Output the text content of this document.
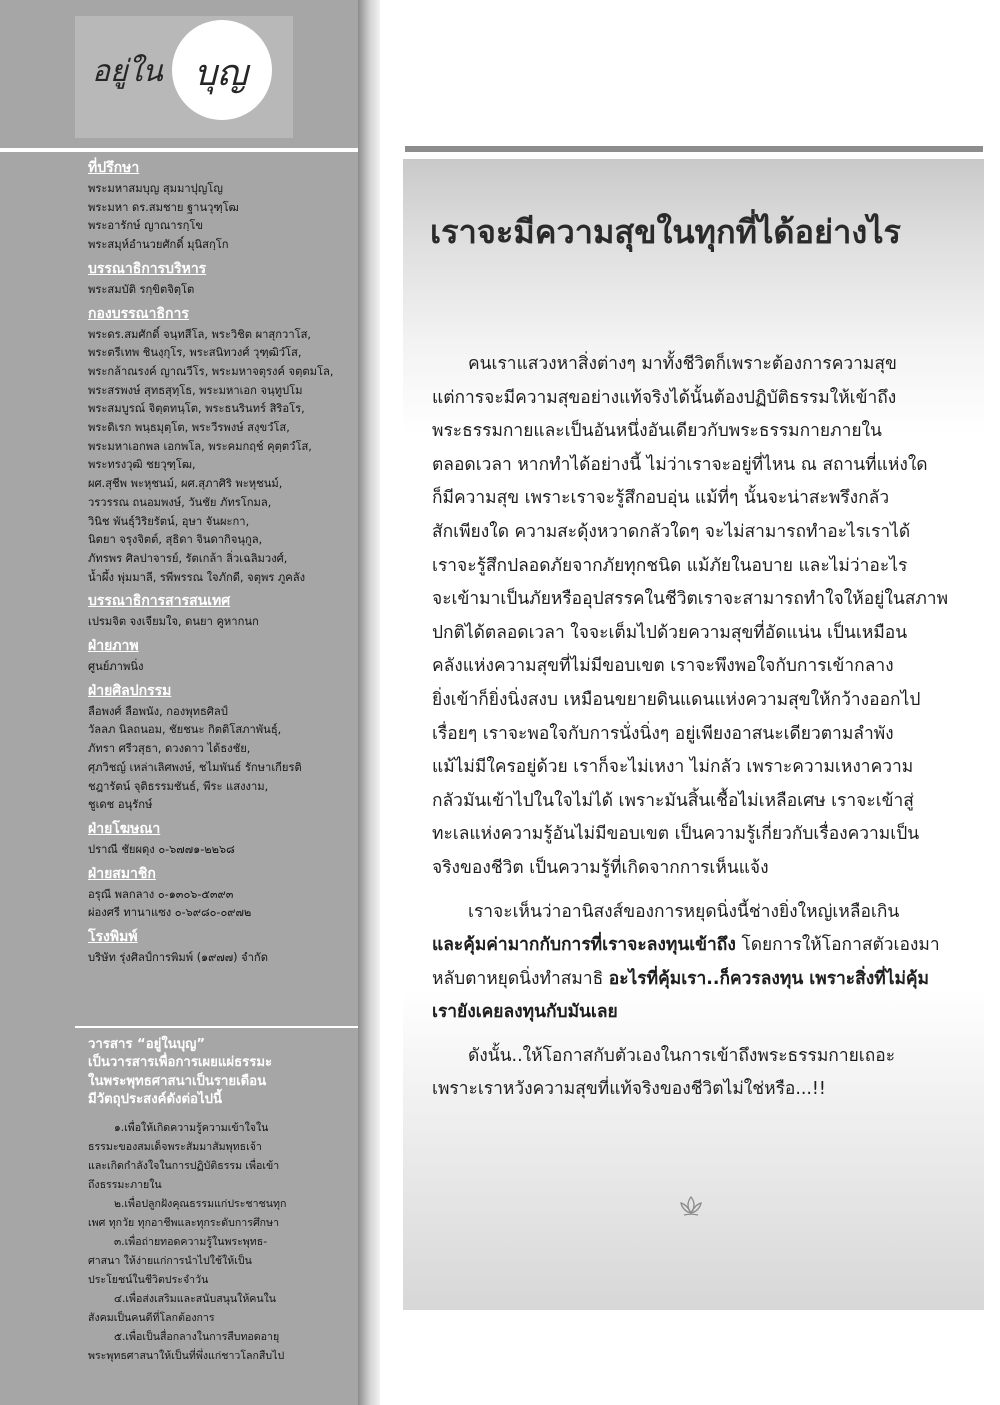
อยู่ใน บุญ
ที่ปรึกษา
พระมหาสมบุญ สุมมาปุญโญ
พระมหา ดร.สมชาย ฐานวุฑฺโฒ
พระอารักษ์ ญาณารกฺโข
พระสมุห์อำนวยศักดิ์ มุนิสกฺโก
บรรณาธิการบริหาร
พระสมบัติ รกฺขิตจิตฺโต
กองบรรณาธิการ
พระดร.สมศักดิ์ จนฺทสีโล, พระวิชิต ผาสุกวาโส,
พระตรีเทพ ชินงฺกุโร, พระสนิทวงศ์ วุฑฺฒิวํโส,
พระกล้าณรงค์ ญาณวีโร, พระมหาจตุรงค์ จตฺตมโล,
พระสรพงษ์ สุทธสุทฺโธ, พระมหาเอก จนฺทูปโม
พระสมบูรณ์ จิตฺตทนฺโต, พระธนรินทร์ สิริอโร,
พระดิเรก พนฺธมุตฺโต, พระวีรพงษ์ สงฺขวํโส,
พระมหาเอกพล เอกพโล, พระคมกฤช์ คุตฺตวํโส,
พระทรงวุฒิ ชยวุฑฺโฒ,
ผศ.สุชีพ พะหุชนม์, ผศ.สุภาศิริ พะหุชนม์,
วรวรรณ ถนอมพงษ์, วันชัย ภัทรโกมล,
วินิช พันธุ์วิริยรัตน์, อุษา จันผะกา,
นิตยา จรุงจิตต์, สุธิดา จินดากิจนุกูล,
ภัทรพร ศิลปาจารย์, รัตเกล้า ลิ่วเฉลิมวงศ์,
น้ำผึ้ง พุ่มมาลี, รพีพรรณ ใจภักดี, จตุพร ภูคลัง
บรรณาธิการสารสนเทศ
เปรมจิต จงเจียมใจ, ดนยา คูหากนก
ฝ่ายภาพ
ศูนย์ภาพนิ่ง
ฝ่ายศิลปกรรม
ลือพงศ์ ลือพนัง, กองพุทธศิลป์
วัลลภ นิลถนอม, ชัยชนะ กิตติโสภาพันธุ์,
ภัทรา ศรีวสุธา, ดวงดาว ได้ธงชัย,
ศุภวิชญ์ เหล่าเลิศพงษ์, ชไมพันธ์ รักษาเกียรติ
ชฎารัตน์ จุติธรรมชันธ์, พีระ แสงงาม,
ชูเดช อนุรักษ์
ฝ่ายโฆษณา
ปราณี ชัยผดุง ๐-๖๗๗๑-๒๒๖๘
ฝ่ายสมาชิก
อรุณี พลกลาง ๐-๑๓๐๖-๕๓๙๓
ผ่องศรี ทานาแซง ๐-๖๙๘๐-๐๙๗๒
โรงพิมพ์
บริษัท รุ่งศิลป์การพิมพ์ (๑๙๗๗) จำกัด
วารสาร “อยู่ในบุญ”
เป็นวารสารเพื่อการเผยแผ่ธรรมะ
ในพระพุทธศาสนาเป็นรายเดือน
มีวัตถุประสงค์ดังต่อไปนี้
๑.เพื่อให้เกิดความรู้ความเข้าใจใน
ธรรมะของสมเด็จพระสัมมาสัมพุทธเจ้า
และเกิดกำลังใจในการปฏิบัติธรรม เพื่อเข้า
ถึงธรรมะภายใน
๒.เพื่อปลูกฝังคุณธรรมแก่ประชาชนทุก
เพศ ทุกวัย ทุกอาชีพและทุกระดับการศึกษา
๓.เพื่อถ่ายทอดความรู้ในพระพุทธ-
ศาสนา ให้ง่ายแก่การนำไปใช้ให้เป็น
ประโยชน์ในชีวิตประจำวัน
๔.เพื่อส่งเสริมและสนับสนุนให้คนใน
สังคมเป็นคนดีที่โลกต้องการ
๕.เพื่อเป็นสื่อกลางในการสืบทอดอายุ
พระพุทธศาสนาให้เป็นที่พึ่งแก่ชาวโลกสืบไป
เราจะมีความสุขในทุกที่ได้อย่างไร
คนเราแสวงหาสิ่งต่างๆ มาทั้งชีวิตก็เพราะต้องการความสุข
แต่การจะมีความสุขอย่างแท้จริงได้นั้นต้องปฏิบัติธรรมให้เข้าถึง
พระธรรมกายและเป็นอันหนึ่งอันเดียวกับพระธรรมกายภายใน
ตลอดเวลา หากทำได้อย่างนี้ ไม่ว่าเราจะอยู่ที่ไหน ณ สถานที่แห่งใด
ก็มีความสุข เพราะเราจะรู้สึกอบอุ่น แม้ที่ๆ นั้นจะน่าสะพรึงกลัว
สักเพียงใด ความสะดุ้งหวาดกลัวใดๆ จะไม่สามารถทำอะไรเราได้
เราจะรู้สึกปลอดภัยจากภัยทุกชนิด แม้ภัยในอบาย และไม่ว่าอะไร
จะเข้ามาเป็นภัยหรืออุปสรรคในชีวิตเราจะสามารถทำใจให้อยู่ในสภาพ
ปกติได้ตลอดเวลา ใจจะเต็มไปด้วยความสุขที่อัดแน่น เป็นเหมือน
คลังแห่งความสุขที่ไม่มีขอบเขต เราจะพึงพอใจกับการเข้ากลาง
ยิ่งเข้าก็ยิ่งนิ่งสงบ เหมือนขยายดินแดนแห่งความสุขให้กว้างออกไป
เรื่อยๆ เราจะพอใจกับการนั่งนิ่งๆ อยู่เพียงอาสนะเดียวตามลำพัง
แม้ไม่มีใครอยู่ด้วย เราก็จะไม่เหงา ไม่กลัว เพราะความเหงาความ
กลัวมันเข้าไปในใจไม่ได้ เพราะมันสิ้นเชื้อไม่เหลือเศษ เราจะเข้าสู่
ทะเลแห่งความรู้อันไม่มีขอบเขต เป็นความรู้เกี่ยวกับเรื่องความเป็น
จริงของชีวิต เป็นความรู้ที่เกิดจากการเห็นแจ้ง
เราจะเห็นว่าอานิสงส์ของการหยุดนิ่งนี้ช่างยิ่งใหญ่เหลือเกิน
และคุ้มค่ามากกับการที่เราจะลงทุนเข้าถึง โดยการให้โอกาสตัวเองมา
หลับตาหยุดนิ่งทำสมาธิ อะไรที่คุ้มเรา..ก็ควรลงทุน เพราะสิ่งที่ไม่คุ้ม
เรายังเคยลงทุนกับมันเลย
ดังนั้น..ให้โอกาสกับตัวเองในการเข้าถึงพระธรรมกายเถอะ
เพราะเราหวังความสุขที่แท้จริงของชีวิตไม่ใช่หรือ...!!
